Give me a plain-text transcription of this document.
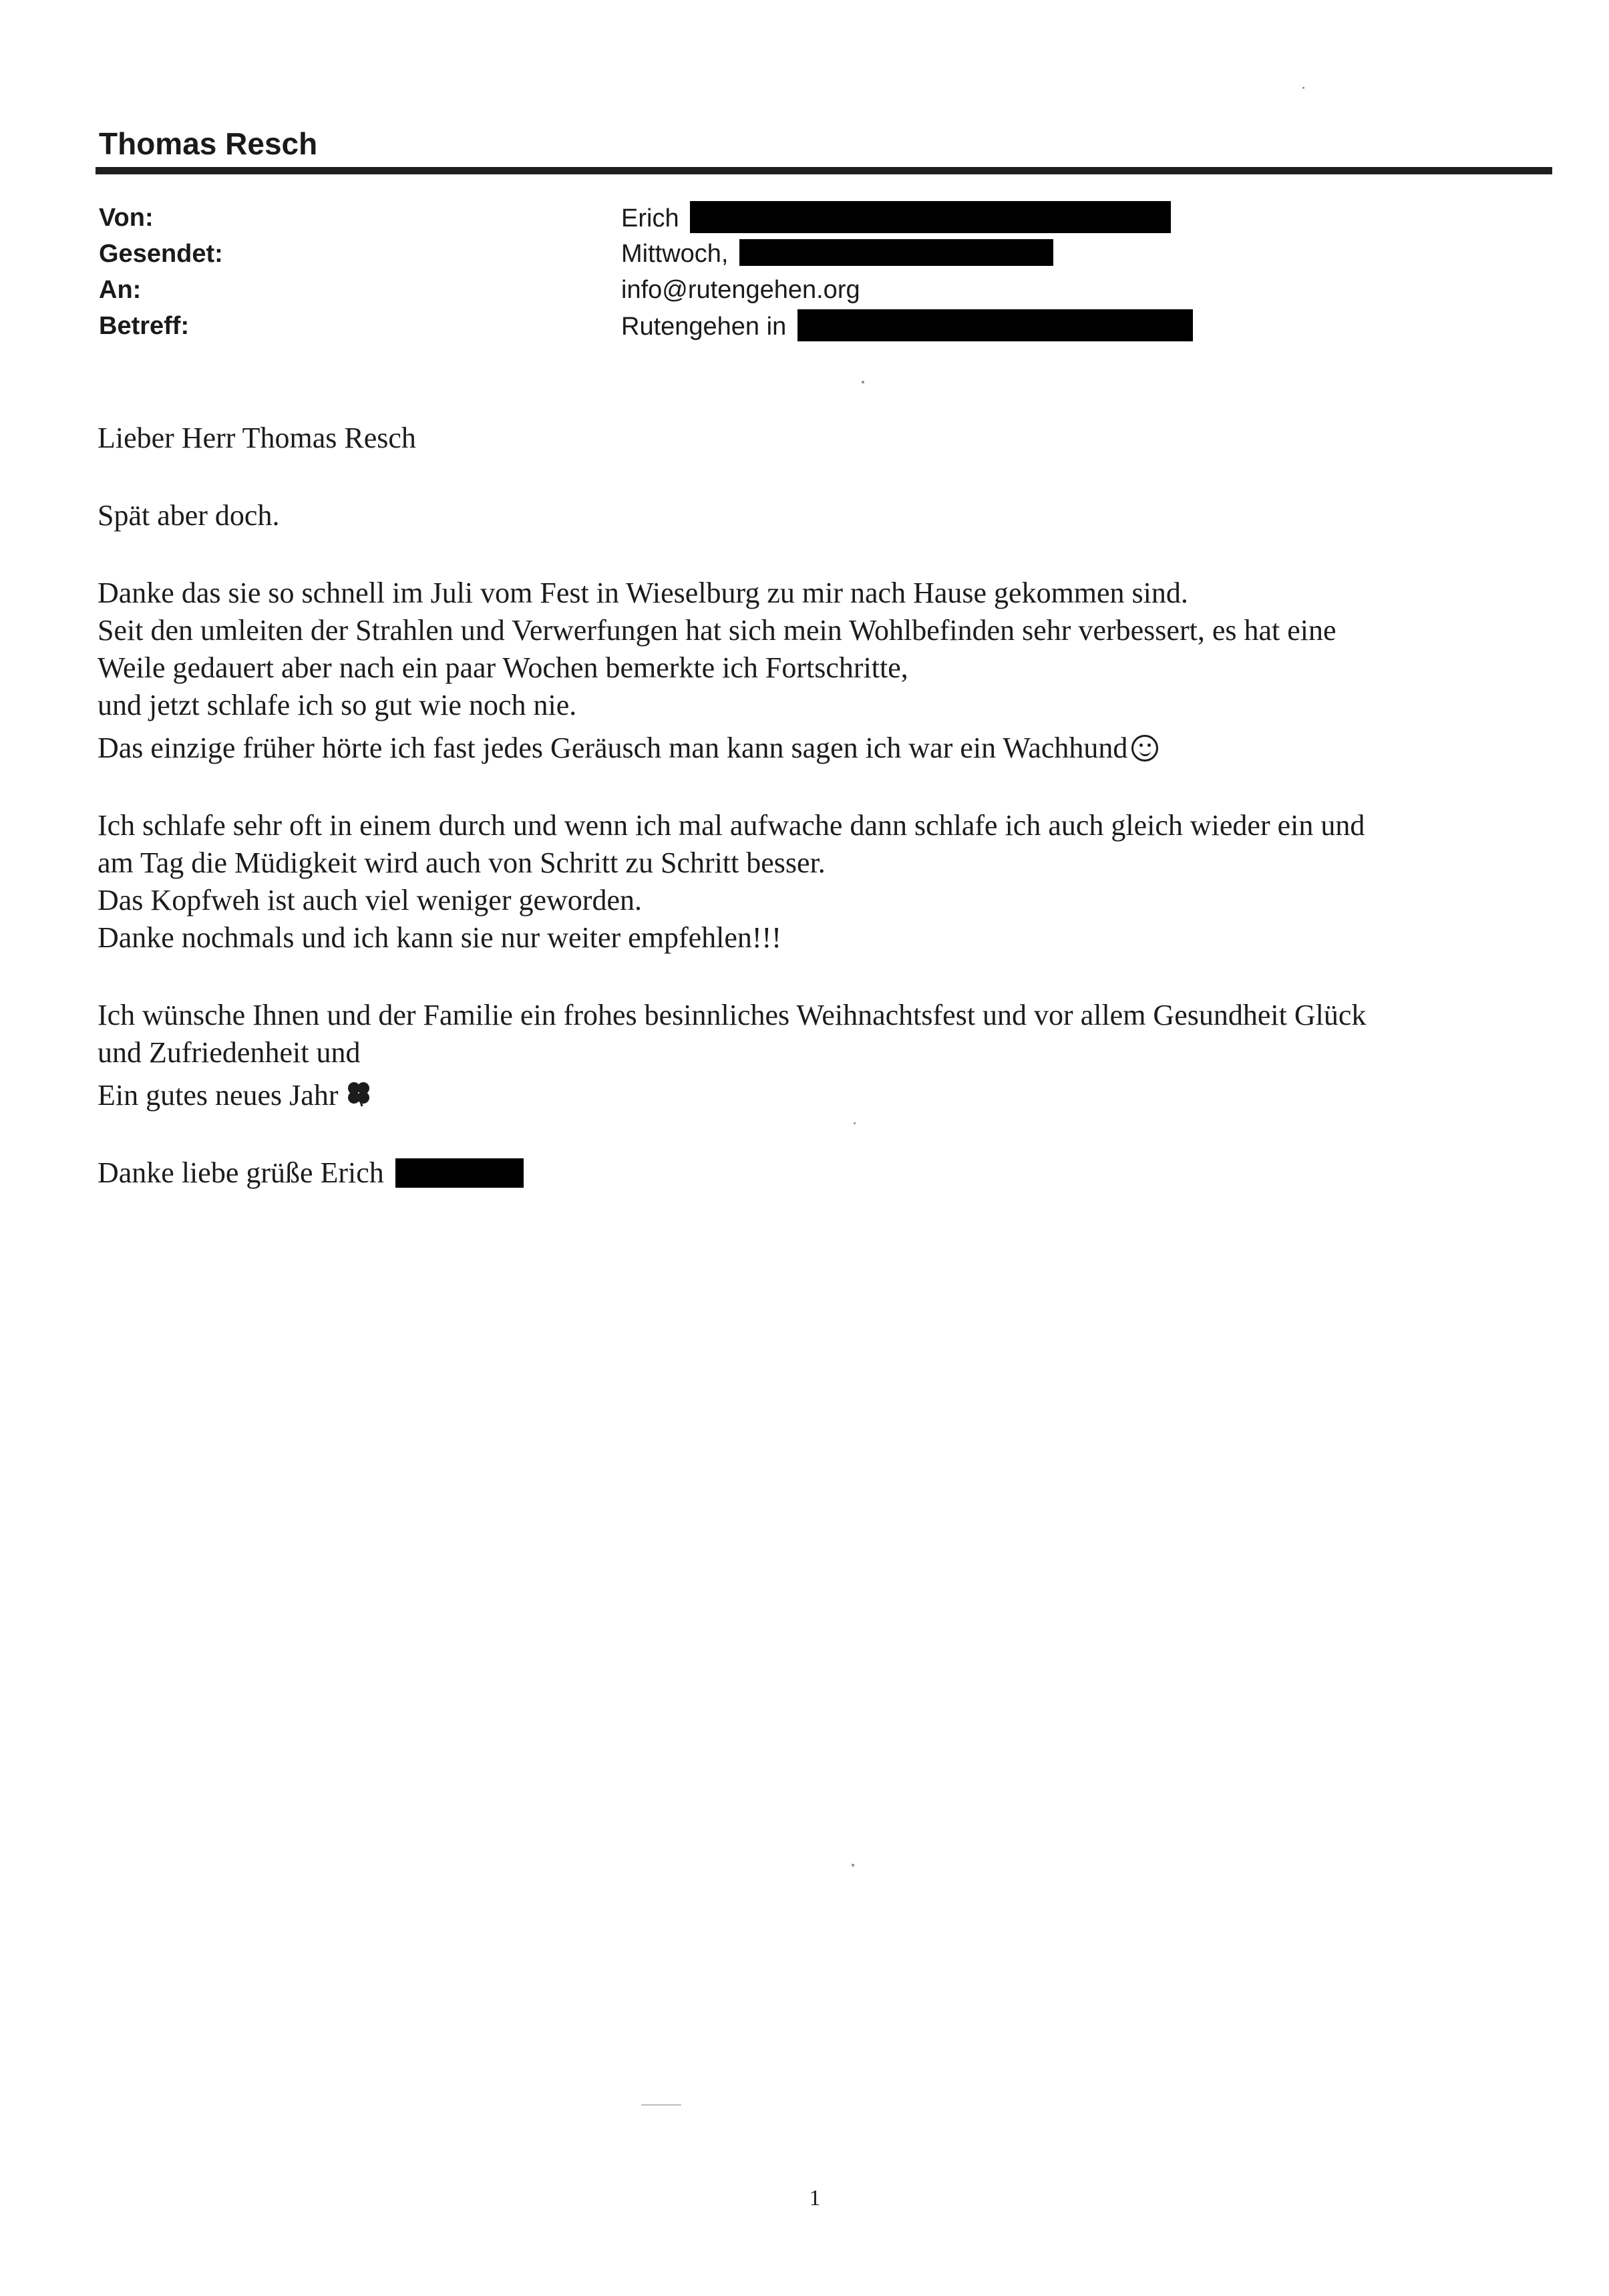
Thomas Resch
Von:	Erich
Gesendet:	Mittwoch,
An:	info@rutengehen.org
Betreff:	Rutengehen in

Lieber Herr Thomas Resch

Spät aber doch.

Danke das sie so schnell im Juli vom Fest in Wieselburg zu mir nach Hause gekommen sind.

Seit den umleiten der Strahlen und Verwerfungen hat sich mein Wohlbefinden sehr verbessert, es hat eine

Weile gedauert aber nach ein paar Wochen bemerkte ich Fortschritte,

und jetzt schlafe ich so gut wie noch nie.

Das einzige früher hörte ich fast jedes Geräusch man kann sagen ich war ein Wachhund

Ich schlafe sehr oft in einem durch und wenn ich mal aufwache dann schlafe ich auch gleich wieder ein und

am Tag die Müdigkeit wird auch von Schritt zu Schritt besser.

Das Kopfweh ist auch viel weniger geworden.

Danke nochmals und ich kann sie nur weiter empfehlen!!!

Ich wünsche Ihnen und der Familie ein frohes besinnliches Weihnachtsfest und vor allem Gesundheit Glück

und Zufriedenheit und

Ein gutes neues Jahr

Danke liebe grüße Erich

1
